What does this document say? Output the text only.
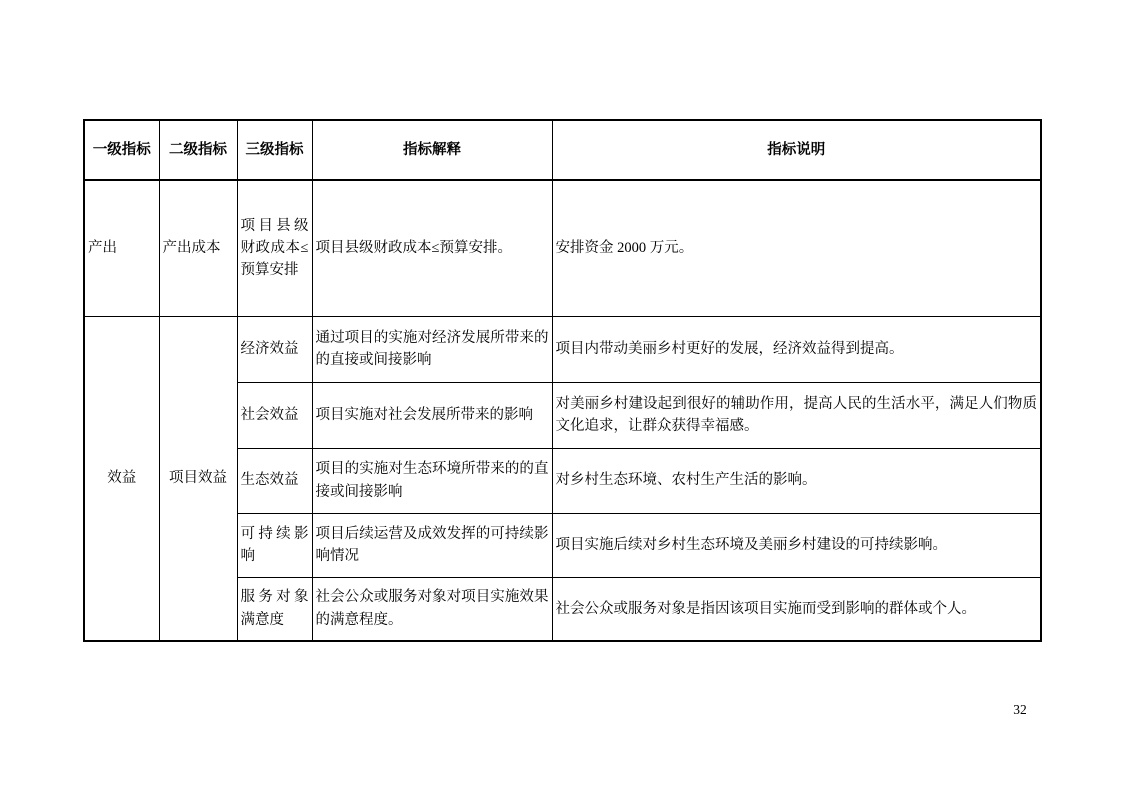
一级指标	二级指标	三级指标	指标解释	指标说明
产出	产出成本	项目县级财政成本≤预算安排	项目县级财政成本≤预算安排。	安排资金 2000 万元。
效益	项目效益	经济效益	通过项目的实施对经济发展所带来的的直接或间接影响	项目内带动美丽乡村更好的发展，经济效益得到提高。
		社会效益	项目实施对社会发展所带来的影响	对美丽乡村建设起到很好的辅助作用，提高人民的生活水平，满足人们物质文化追求，让群众获得幸福感。
		生态效益	项目的实施对生态环境所带来的的直接或间接影响	对乡村生态环境、农村生产生活的影响。
		可持续影响	项目后续运营及成效发挥的可持续影响情况	项目实施后续对乡村生态环境及美丽乡村建设的可持续影响。
		服务对象满意度	社会公众或服务对象对项目实施效果的满意程度。	社会公众或服务对象是指因该项目实施而受到影响的群体或个人。
32
